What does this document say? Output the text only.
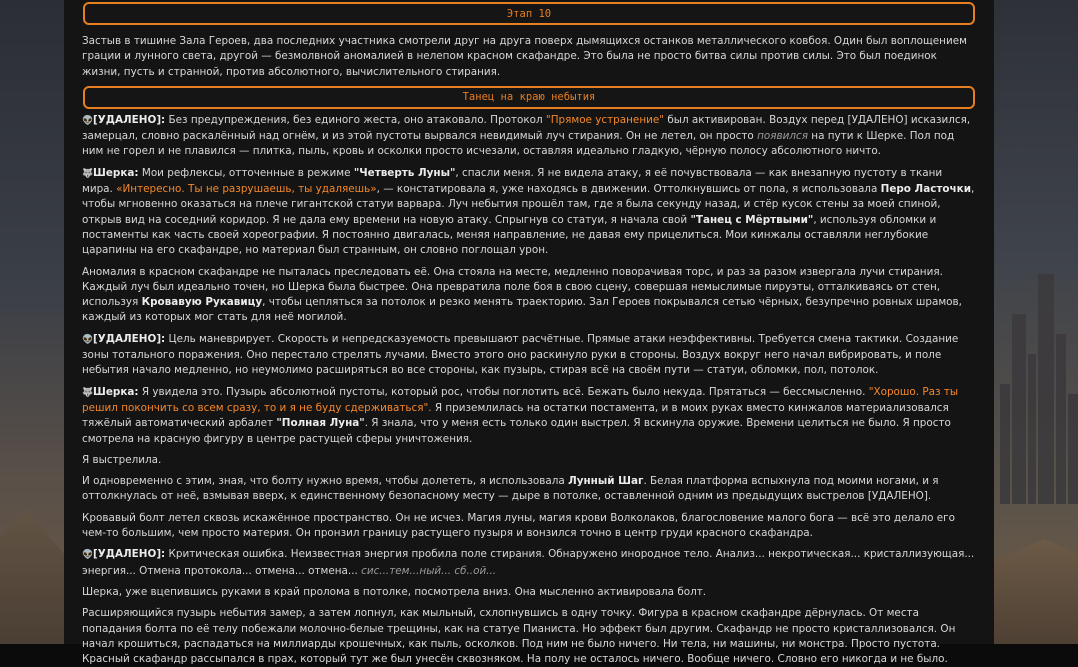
Этап 10

Застыв в тишине Зала Героев, два последних участника смотрели друг на друга поверх дымящихся останков металлического ковбоя. Один был воплощением грации и лунного света, другой — безмолвной аномалией в нелепом красном скафандре. Это была не просто битва силы против силы. Это был поединок жизни, пусть и странной, против абсолютного, вычислительного стирания.

Танец на краю небытия

👽[УДАЛЕНО]: Без предупреждения, без единого жеста, оно атаковало. Протокол "Прямое устранение" был активирован. Воздух перед [УДАЛЕНО] исказился, замерцал, словно раскалённый над огнём, и из этой пустоты вырвался невидимый луч стирания. Он не летел, он просто появился на пути к Шерке. Пол под ним не горел и не плавился — плитка, пыль, кровь и осколки просто исчезали, оставляя идеально гладкую, чёрную полосу абсолютного ничто.

🐺Шерка: Мои рефлексы, отточенные в режиме "Четверть Луны", спасли меня. Я не видела атаку, я её почувствовала — как внезапную пустоту в ткани мира. «Интересно. Ты не разрушаешь, ты удаляешь», — констатировала я, уже находясь в движении. Оттолкнувшись от пола, я использовала Перо Ласточки, чтобы мгновенно оказаться на плече гигантской статуи варвара. Луч небытия прошёл там, где я была секунду назад, и стёр кусок стены за моей спиной, открыв вид на соседний коридор. Я не дала ему времени на новую атаку. Спрыгнув со статуи, я начала свой "Танец с Мёртвыми", используя обломки и постаменты как часть своей хореографии. Я постоянно двигалась, меняя направление, не давая ему прицелиться. Мои кинжалы оставляли неглубокие царапины на его скафандре, но материал был странным, он словно поглощал урон.

Аномалия в красном скафандре не пыталась преследовать её. Она стояла на месте, медленно поворачивая торс, и раз за разом извергала лучи стирания. Каждый луч был идеально точен, но Шерка была быстрее. Она превратила поле боя в свою сцену, совершая немыслимые пируэты, отталкиваясь от стен, используя Кровавую Рукавицу, чтобы цепляться за потолок и резко менять траекторию. Зал Героев покрывался сетью чёрных, безупречно ровных шрамов, каждый из которых мог стать для неё могилой.

👽[УДАЛЕНО]: Цель маневрирует. Скорость и непредсказуемость превышают расчётные. Прямые атаки неэффективны. Требуется смена тактики. Создание зоны тотального поражения. Оно перестало стрелять лучами. Вместо этого оно раскинуло руки в стороны. Воздух вокруг него начал вибрировать, и поле небытия начало медленно, но неумолимо расширяться во все стороны, как пузырь, стирая всё на своём пути — статуи, обломки, пол, потолок.

🐺Шерка: Я увидела это. Пузырь абсолютной пустоты, который рос, чтобы поглотить всё. Бежать было некуда. Прятаться — бессмысленно. "Хорошо. Раз ты решил покончить со всем сразу, то и я не буду сдерживаться". Я приземлилась на остатки постамента, и в моих руках вместо кинжалов материализовался тяжёлый автоматический арбалет "Полная Луна". Я знала, что у меня есть только один выстрел. Я вскинула оружие. Времени целиться не было. Я просто смотрела на красную фигуру в центре растущей сферы уничтожения.

Я выстрелила.

И одновременно с этим, зная, что болту нужно время, чтобы долететь, я использовала Лунный Шаг. Белая платформа вспыхнула под моими ногами, и я оттолкнулась от неё, взмывая вверх, к единственному безопасному месту — дыре в потолке, оставленной одним из предыдущих выстрелов [УДАЛЕНО].

Кровавый болт летел сквозь искажённое пространство. Он не исчез. Магия луны, магия крови Волколаков, благословение малого бога — всё это делало его чем-то большим, чем просто материя. Он пронзил границу растущего пузыря и вонзился точно в центр груди красного скафандра.

👽[УДАЛЕНО]: Критическая ошибка. Неизвестная энергия пробила поле стирания. Обнаружено инородное тело. Анализ... некротическая... кристаллизующая... энергия... Отмена протокола... отмена... отмена... сис...тем...ный... сб..ой...

Шерка, уже вцепившись руками в край пролома в потолке, посмотрела вниз. Она мысленно активировала болт.

Расширяющийся пузырь небытия замер, а затем лопнул, как мыльный, схлопнувшись в одну точку. Фигура в красном скафандре дёрнулась. От места попадания болта по её телу побежали молочно-белые трещины, как на статуе Пианиста. Но эффект был другим. Скафандр не просто кристаллизовался. Он начал крошиться, распадаться на миллиарды крошечных, как пыль, осколков. Под ним не было ничего. Ни тела, ни машины, ни монстра. Просто пустота. Красный скафандр рассыпался в прах, который тут же был унесён сквозняком. На полу не осталось ничего. Вообще ничего. Словно его никогда и не было.
